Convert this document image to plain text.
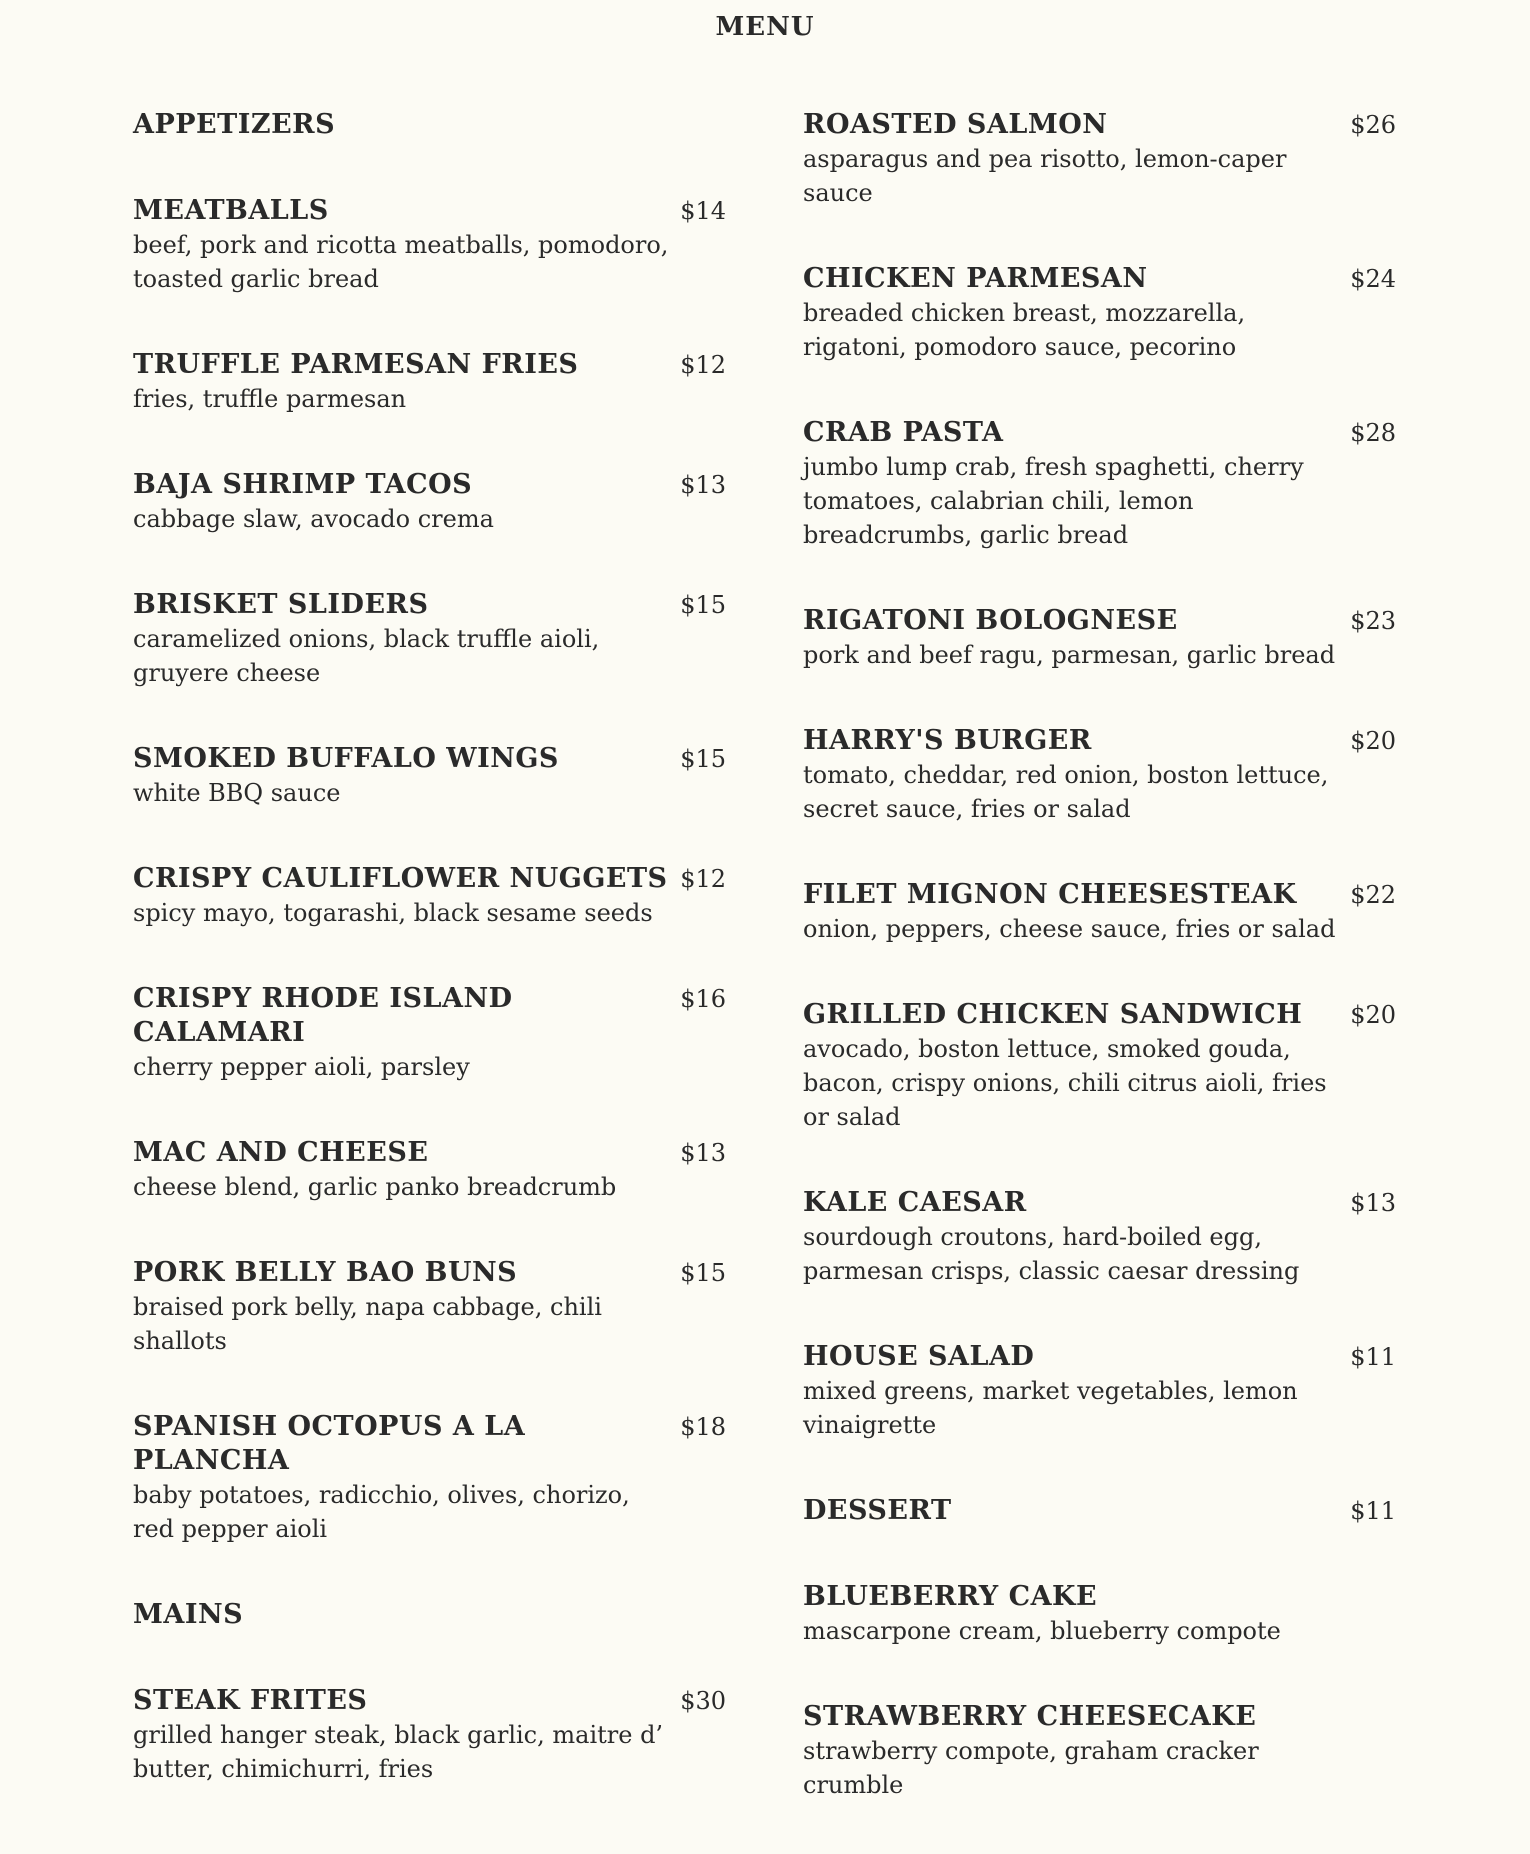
MENU
APPETIZERS
MEATBALLS	$14
beef, pork and ricotta meatballs, pomodoro, toasted garlic bread
TRUFFLE PARMESAN FRIES	$12
fries, truffle parmesan
BAJA SHRIMP TACOS	$13
cabbage slaw, avocado crema
BRISKET SLIDERS	$15
caramelized onions, black truffle aioli, gruyere cheese
SMOKED BUFFALO WINGS	$15
white BBQ sauce
CRISPY CAULIFLOWER NUGGETS $12
spicy mayo, togarashi, black sesame seeds
CRISPY RHODE ISLAND CALAMARI
$16
cherry pepper aioli, parsley
MAC AND CHEESE	$13
cheese blend, garlic panko breadcrumb
PORK BELLY BAO BUNS	$15
braised pork belly, napa cabbage, chili shallots
SPANISH OCTOPUS A LA PLANCHA
$18
baby potatoes, radicchio, olives, chorizo, red pepper aioli
MAINS
STEAK FRITES	$30
grilled hanger steak, black garlic, maitre d’ butter, chimichurri, fries
ROASTED SALMON	$26
asparagus and pea risotto, lemon-caper sauce
CHICKEN PARMESAN	$24
breaded chicken breast, mozzarella, rigatoni, pomodoro sauce, pecorino
CRAB PASTA	$28
jumbo lump crab, fresh spaghetti, cherry tomatoes, calabrian chili, lemon breadcrumbs, garlic bread
RIGATONI BOLOGNESE	$23
pork and beef ragu, parmesan, garlic bread
HARRY'S BURGER	$20
tomato, cheddar, red onion, boston lettuce, secret sauce, fries or salad
FILET MIGNON CHEESESTEAK $22
onion, peppers, cheese sauce, fries or salad
GRILLED CHICKEN SANDWICH $20
avocado, boston lettuce, smoked gouda, bacon, crispy onions, chili citrus aioli, fries or salad
KALE CAESAR	$13
sourdough croutons, hard-boiled egg, parmesan crisps, classic caesar dressing
HOUSE SALAD	$11
mixed greens, market vegetables, lemon vinaigrette
DESSERT	$11
BLUEBERRY CAKE
mascarpone cream, blueberry compote
STRAWBERRY CHEESECAKE
strawberry compote, graham cracker crumble
